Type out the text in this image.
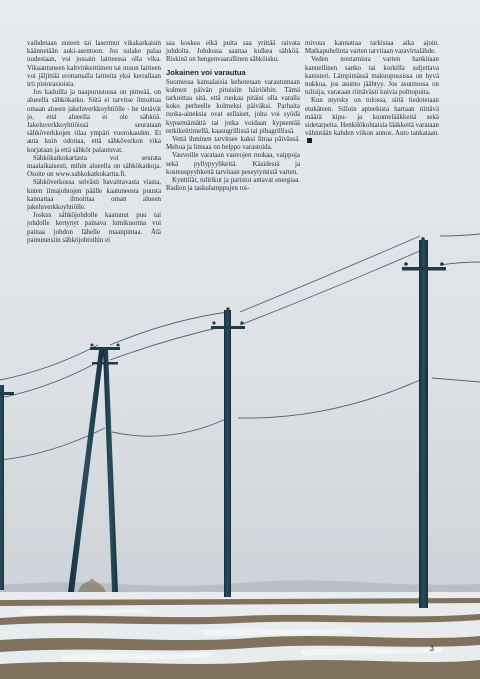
vaihdetaan uuteen tai lasermut vikakarkaisin käännetään auki-asentoon. Jos sulake palaa uudestaan, voi jossain laitteessa olla vika. Vikaantuneen kaltvinkeittimen tai muun laitteen voi jäljittää erottamalla laitteita yksi kerrallaan irti pistorasioista.

Jos kaduilla ja naapurustossa on pimeää, on alueella sähkökatko. Siitä ei tarvitse ilmoittaa omaan alueen jakeluverkkoyhtiölle - he tietävät jo, että alueella ei ole sähköä. Jakeluverkkoyhtiöissä seurataan sähköverkkojen tilaa ympäri vuorokauden. Ei auta kuin odottaa, että sähköverkon vika korjataan ja että sähköt palautuvat.

Sähkökatkokartasta voi seurata maalaikaisesti, mihin alueella on sähkökatkoja. Osoite on www.sahkokatkokartta.fi.

Sähköverkossa selvästi havaittavasta viasta, kuten ilmajohtojen päälle kaatuneesta puusta kannattaa ilmoittaa oman alueen jakeluverkkoyhtiölle.

Joskus sähköjohdolle kaatunut puu tai johdolle kertynyt painava lumikuorma voi painaa johdon lähelle maanpintaa. Älä painuneisiin sähköjohtoihin ei

saa koskea eikä puita saa yrittää raivata johdolta. Johdossa saattaa kulkea sähköä. Riskinä on hengenvaarallinen sähköisku.

Jokainen voi varautua

Suomessa kansalaisia kehotetaan varautumaan kolmen päivän pituisiin häiriöihin. Tämä tarkoittaa sitä, että ruokaa pitäisi olla varalla koko perheelle kolmeksi päiväksi. Parhaita ruoka-aineksia ovat sellaiset, joita voi syödä kypsentämättä tai jotka voidaan kypsentää retkikeittimellä, kaasugrillissä tai pihagrillissä.

Vettä ihminen tarvitsee kaksi litraa päivässä. Mehua ja limsaa on helppo varastoida.

Vauvoille varataan vauvojen ruokaa, vaippoja sekä pyllypyyhkeitä. Käsidesiä ja kosteuspyyhkeitä tarvitaan peseytymistä varten.

Kynttilät, tulitikut ja paristot antavat energiaa. Radion ja taskulamppujen toi-

mivuus kannattaa tarkistaa aika ajoin. Matkapuhelinta varten tarvitaan varavirtalähde.

Veden noutamista varten hankitaan kannellinen sanko tai korkilla suljettava kanisteri. Lämpimässä makuupussissa on hyvä nukkua, jos asunto jäähtyy. Jos asunnossa on tulisija, varataan riittävästi kuivia polttopuita.

Kun myrsky on tulossa, siitä tiedotetaan etukäteen. Silloin apteekista hartaan riittävä määrä kipu- ja kuumelääkkeitä sekä sidetarpeita. Henkilökohtaisia lääkkeitä varataan vähintään kahden viikon annos. Auto tankataan.

3
